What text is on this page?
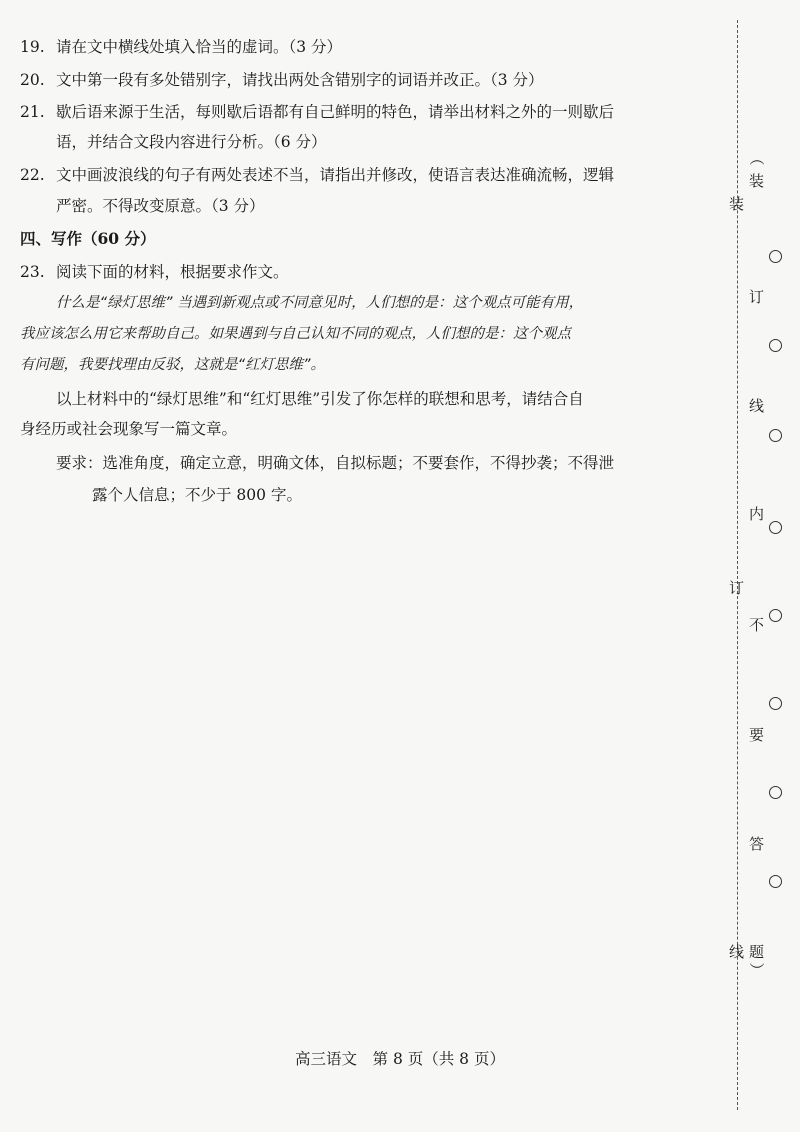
19. 请在文中横线处填入恰当的虚词。（3 分）
20. 文中第一段有多处错别字，请找出两处含错别字的词语并改正。（3 分）
21. 歇后语来源于生活，每则歇后语都有自己鲜明的特色，请举出材料之外的一则歇后
语，并结合文段内容进行分析。（6 分）
22. 文中画波浪线的句子有两处表述不当，请指出并修改，使语言表达准确流畅，逻辑
严密。不得改变原意。（3 分）
四、写作（60 分）
23. 阅读下面的材料，根据要求作文。
什么是“绿灯思维” 当遇到新观点或不同意见时，人们想的是：这个观点可能有用，
我应该怎么用它来帮助自己。如果遇到与自己认知不同的观点，人们想的是：这个观点
有问题，我要找理由反驳，这就是“红灯思维”。
以上材料中的“绿灯思维”和“红灯思维”引发了你怎样的联想和思考，请结合自
身经历或社会现象写一篇文章。
要求：选准角度，确定立意，明确文体，自拟标题；不要套作，不得抄袭；不得泄
露个人信息；不少于 800 字。
高三语文　第 8 页（共 8 页）
装
订
线
（
装
订
线
内
不
要
答
题
）
